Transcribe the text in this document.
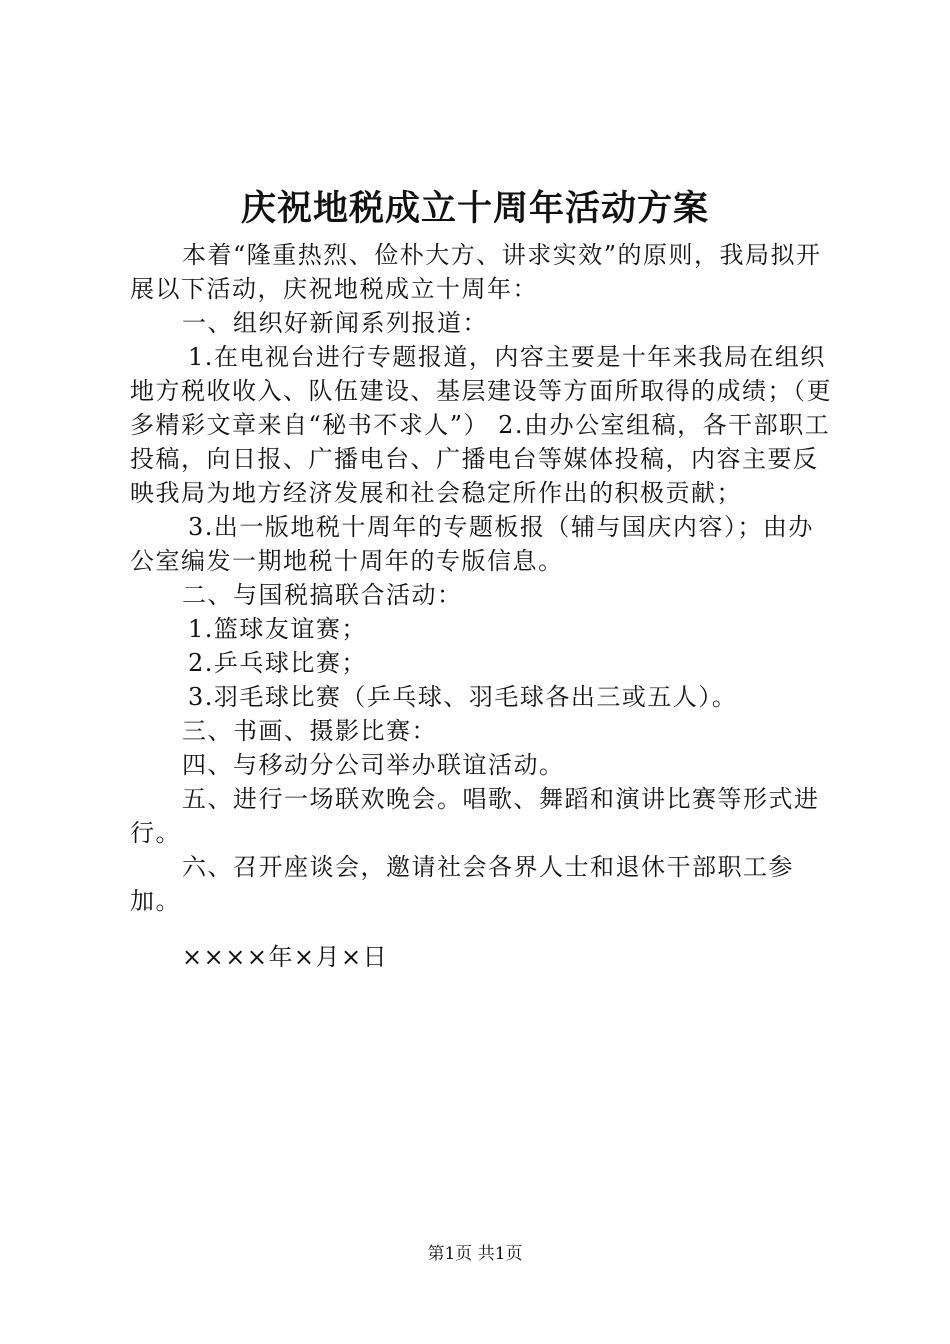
庆祝地税成立十周年活动方案

本着“隆重热烈、俭朴大方、讲求实效”的原则，我局拟开展以下活动，庆祝地税成立十周年：

一、组织好新闻系列报道：

1.在电视台进行专题报道，内容主要是十年来我局在组织地方税收收入、队伍建设、基层建设等方面所取得的成绩；（更多精彩文章来自“秘书不求人”） 2.由办公室组稿，各干部职工投稿，向日报、广播电台、广播电台等媒体投稿，内容主要反映我局为地方经济发展和社会稳定所作出的积极贡献；

3.出一版地税十周年的专题板报（辅与国庆内容）；由办公室编发一期地税十周年的专版信息。

二、与国税搞联合活动：

1.篮球友谊赛；

2.乒乓球比赛；

3.羽毛球比赛（乒乓球、羽毛球各出三或五人）。

三、书画、摄影比赛：

四、与移动分公司举办联谊活动。

五、进行一场联欢晚会。唱歌、舞蹈和演讲比赛等形式进行。

六、召开座谈会，邀请社会各界人士和退休干部职工参加。

××××年×月×日

第1页 共1页
